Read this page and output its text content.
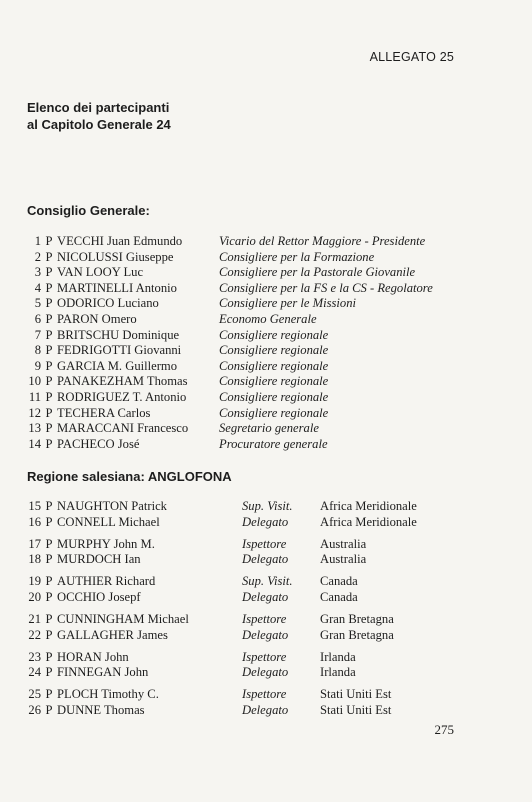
ALLEGATO 25
Elenco dei partecipanti
al Capitolo Generale 24
Consiglio Generale:
1 P VECCHI Juan Edmundo	Vicario del Rettor Maggiore - Presidente
2 P NICOLUSSI Giuseppe	Consigliere per la Formazione
3 P VAN LOOY Luc	Consigliere per la Pastorale Giovanile
4 P MARTINELLI Antonio	Consigliere per la FS e la CS - Regolatore
5 P ODORICO Luciano	Consigliere per le Missioni
6 P PARON Omero	Economo Generale
7 P BRITSCHU Dominique	Consigliere regionale
8 P FEDRIGOTTI Giovanni	Consigliere regionale
9 P GARCIA M. Guillermo	Consigliere regionale
10 P PANAKEZHAM Thomas	Consigliere regionale
11 P RODRIGUEZ T. Antonio	Consigliere regionale
12 P TECHERA Carlos	Consigliere regionale
13 P MARACCANI Francesco	Segretario generale
14 P PACHECO José	Procuratore generale
Regione salesiana: ANGLOFONA
15 P NAUGHTON Patrick	Sup. Visit.	Africa Meridionale
16 P CONNELL Michael	Delegato	Africa Meridionale
17 P MURPHY John M.	Ispettore	Australia
18 P MURDOCH Ian	Delegato	Australia
19 P AUTHIER Richard	Sup. Visit.	Canada
20 P OCCHIO Josepf	Delegato	Canada
21 P CUNNINGHAM Michael	Ispettore	Gran Bretagna
22 P GALLAGHER James	Delegato	Gran Bretagna
23 P HORAN John	Ispettore	Irlanda
24 P FINNEGAN John	Delegato	Irlanda
25 P PLOCH Timothy C.	Ispettore	Stati Uniti Est
26 P DUNNE Thomas	Delegato	Stati Uniti Est
275
